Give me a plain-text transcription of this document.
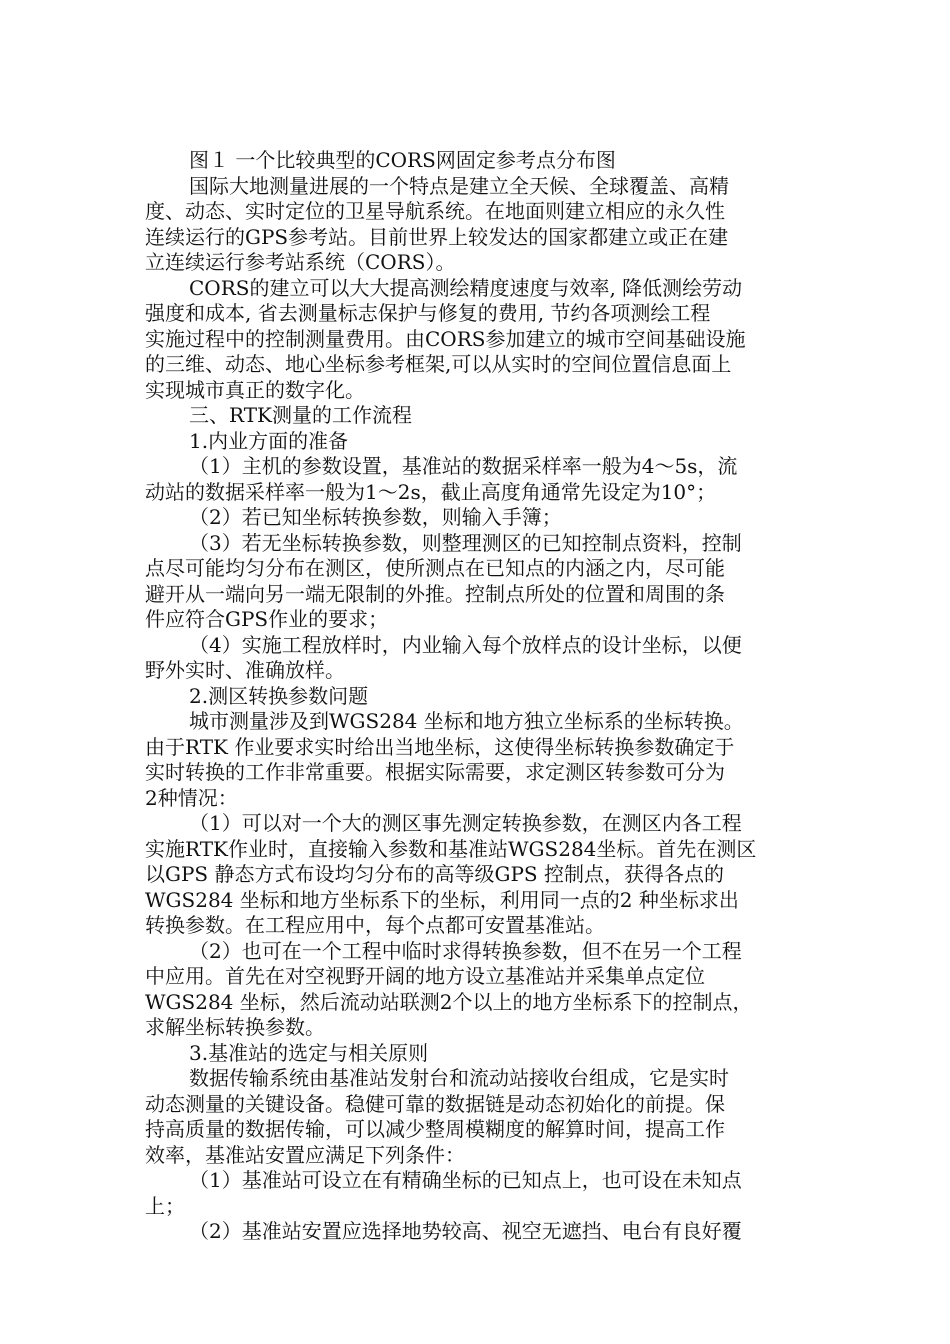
图１ 一个比较典型的CORS网固定参考点分布图
国际大地测量进展的一个特点是建立全天候、全球覆盖、高精
度、动态、实时定位的卫星导航系统。在地面则建立相应的永久性
连续运行的GPS参考站。目前世界上较发达的国家都建立或正在建
立连续运行参考站系统（CORS）。
CORS的建立可以大大提高测绘精度速度与效率, 降低测绘劳动
强度和成本, 省去测量标志保护与修复的费用, 节约各项测绘工程
实施过程中的控制测量费用。由CORS参加建立的城市空间基础设施
的三维、动态、地心坐标参考框架,可以从实时的空间位置信息面上
实现城市真正的数字化。
三、RTK测量的工作流程
1.内业方面的准备
（1）主机的参数设置，基准站的数据采样率一般为4～5s，流
动站的数据采样率一般为1～2s，截止高度角通常先设定为10°；
（2）若已知坐标转换参数，则输入手簿；
（3）若无坐标转换参数，则整理测区的已知控制点资料，控制
点尽可能均匀分布在测区，使所测点在已知点的内涵之内，尽可能
避开从一端向另一端无限制的外推。控制点所处的位置和周围的条
件应符合GPS作业的要求；
（4）实施工程放样时，内业输入每个放样点的设计坐标，以便
野外实时、准确放样。
2.测区转换参数问题
城市测量涉及到WGS284 坐标和地方独立坐标系的坐标转换。
由于RTK 作业要求实时给出当地坐标，这使得坐标转换参数确定于
实时转换的工作非常重要。根据实际需要，求定测区转参数可分为
2种情况：
（1）可以对一个大的测区事先测定转换参数，在测区内各工程
实施RTK作业时，直接输入参数和基准站WGS284坐标。首先在测区
以GPS 静态方式布设均匀分布的高等级GPS 控制点，获得各点的
WGS284 坐标和地方坐标系下的坐标，利用同一点的2 种坐标求出
转换参数。在工程应用中，每个点都可安置基准站。
（2）也可在一个工程中临时求得转换参数，但不在另一个工程
中应用。首先在对空视野开阔的地方设立基准站并采集单点定位
WGS284 坐标，然后流动站联测2个以上的地方坐标系下的控制点，
求解坐标转换参数。
3.基准站的选定与相关原则
数据传输系统由基准站发射台和流动站接收台组成，它是实时
动态测量的关键设备。稳健可靠的数据链是动态初始化的前提。保
持高质量的数据传输，可以减少整周模糊度的解算时间，提高工作
效率，基准站安置应满足下列条件：
（1）基准站可设立在有精确坐标的已知点上，也可设在未知点
上；
（2）基准站安置应选择地势较高、视空无遮挡、电台有良好覆
